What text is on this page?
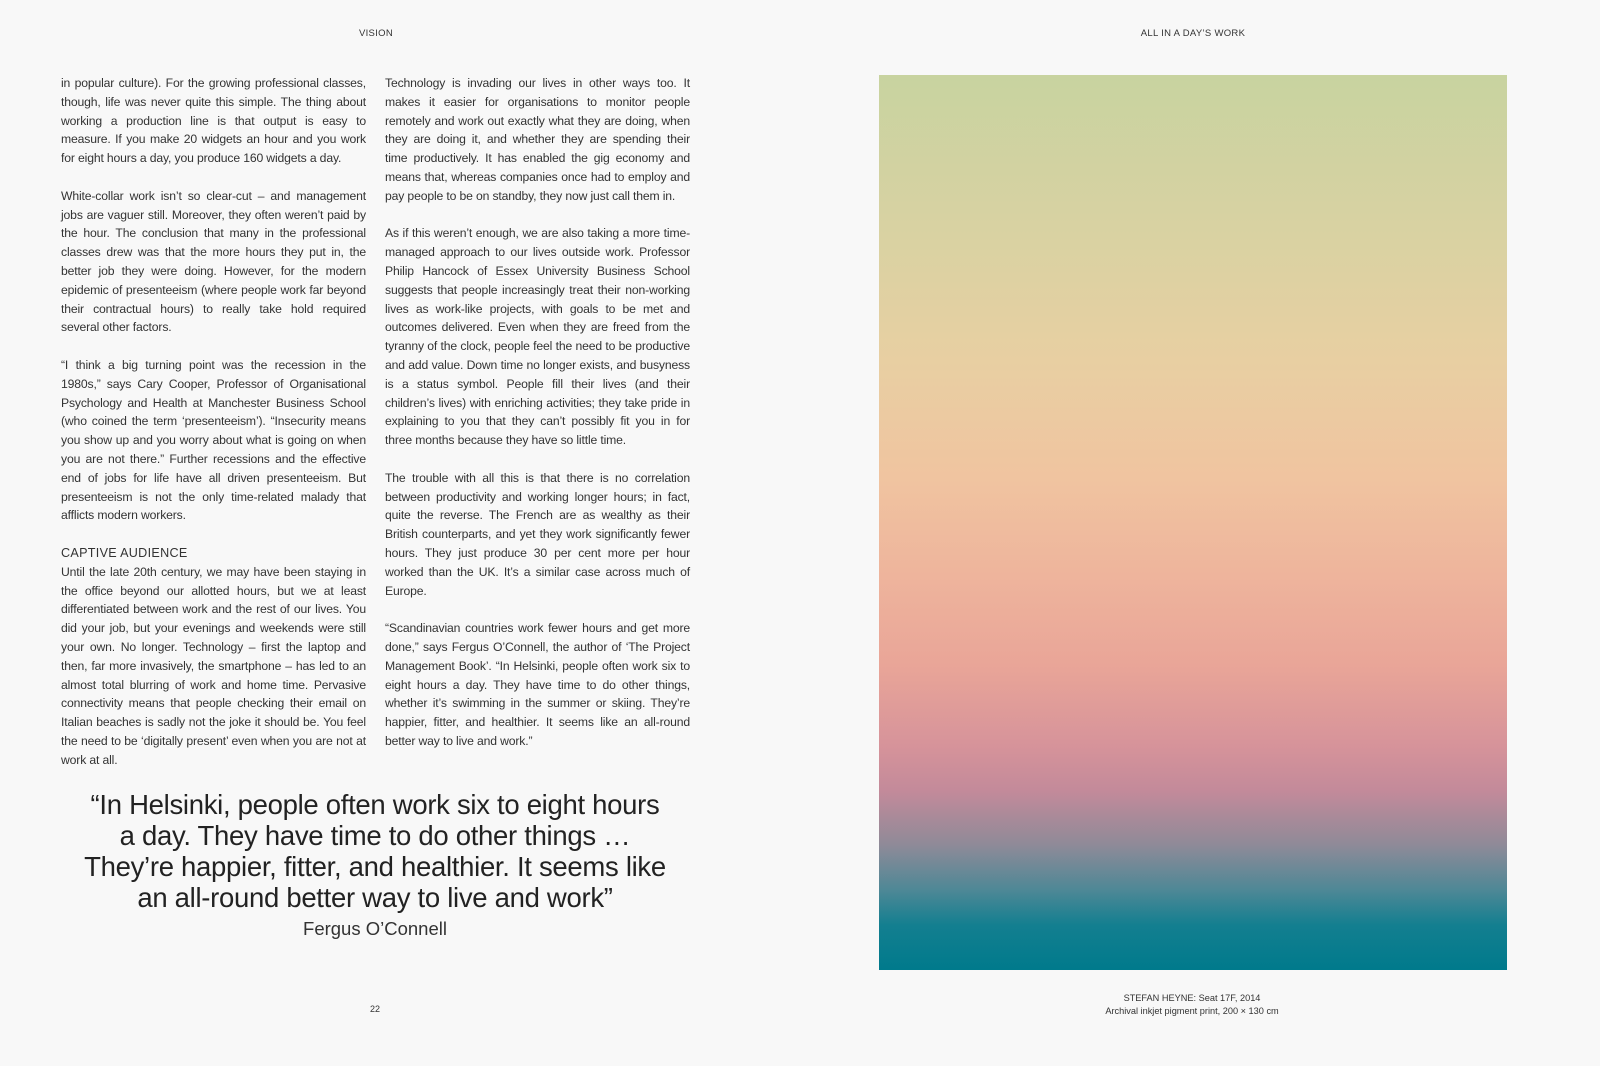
VISION	ALL IN A DAY’S WORK

in popular culture). For the growing professional classes, though, life was never quite this simple. The thing about working a production line is that output is easy to measure. If you make 20 widgets an hour and you work for eight hours a day, you produce 160 widgets a day.

White-collar work isn’t so clear-cut – and management jobs are vaguer still. Moreover, they often weren’t paid by the hour. The conclusion that many in the professional classes drew was that the more hours they put in, the better job they were doing. However, for the modern epidemic of presenteeism (where people work far beyond their contractual hours) to really take hold required several other factors.

“I think a big turning point was the recession in the 1980s,” says Cary Cooper, Professor of Organisational Psychology and Health at Manchester Business School (who coined the term ‘presenteeism’). “Insecurity means you show up and you worry about what is going on when you are not there.” Further recessions and the effective end of jobs for life have all driven presenteeism. But presenteeism is not the only time-related malady that afflicts modern workers.

CAPTIVE AUDIENCE

Until the late 20th century, we may have been staying in the office beyond our allotted hours, but we at least differentiated between work and the rest of our lives. You did your job, but your evenings and weekends were still your own. No longer. Technology – first the laptop and then, far more invasively, the smartphone – has led to an almost total blurring of work and home time. Pervasive connectivity means that people checking their email on Italian beaches is sadly not the joke it should be. You feel the need to be ‘digitally present’ even when you are not at work at all.

Technology is invading our lives in other ways too. It makes it easier for organisations to monitor people remotely and work out exactly what they are doing, when they are doing it, and whether they are spending their time productively. It has enabled the gig economy and means that, whereas companies once had to employ and pay people to be on standby, they now just call them in.

As if this weren’t enough, we are also taking a more time-managed approach to our lives outside work. Professor Philip Hancock of Essex University Business School suggests that people increasingly treat their non-working lives as work-like projects, with goals to be met and outcomes delivered. Even when they are freed from the tyranny of the clock, people feel the need to be productive and add value. Down time no longer exists, and busyness is a status symbol. People fill their lives (and their children’s lives) with enriching activities; they take pride in explaining to you that they can’t possibly fit you in for three months because they have so little time.

The trouble with all this is that there is no correlation between productivity and working longer hours; in fact, quite the reverse. The French are as wealthy as their British counterparts, and yet they work significantly fewer hours. They just produce 30 per cent more per hour worked than the UK. It’s a similar case across much of Europe.

“Scandinavian countries work fewer hours and get more done,” says Fergus O’Connell, the author of ‘The Project Management Book’. “In Helsinki, people often work six to eight hours a day. They have time to do other things, whether it’s swimming in the summer or skiing. They’re happier, fitter, and healthier. It seems like an all-round better way to live and work.”

“In Helsinki, people often work six to eight hours
a day. They have time to do other things …
They’re happier, fitter, and healthier. It seems like
an all-round better way to live and work”
Fergus O’Connell
22
STEFAN HEYNE: Seat 17F, 2014
Archival inkjet pigment print, 200 × 130 cm
